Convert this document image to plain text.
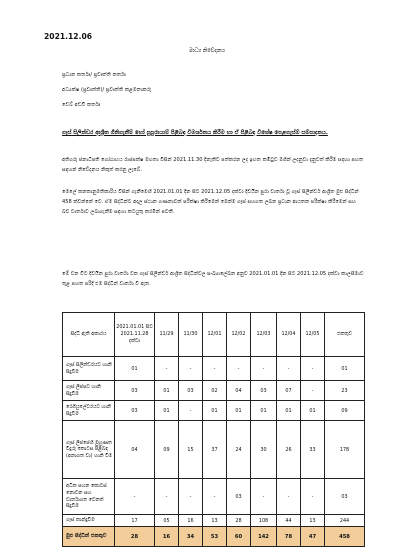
2021.12.06
මාධ්‍ය නිවේදනය
ප්‍රධාන කර්තෘ/ ප්‍රවෘත්ති කර්තෘ
අධ්‍යක්ෂ (ප්‍රවෘත්ති)/ ප්‍රවෘත්ති කළමනාකරු
වෙබ් අඩවි කර්තෘ
ගෑස් සිලින්ඩර ආශ්‍රිත ගිනිගැනීම් හෝ පුපුරායාම් පිළිබඳ විමර්ශනය කිරීම හා ඒ පිළිබඳ විශේෂ පෙළගැස්ම් සම්පාදනය.
අතිගරු ජනාධිපති ගෝඨාභය රාජපක්ෂ මහතා විසින් 2021.11.30 දිනැතිව පත්කරන ලද ඉහත කමිටුව මගින් ලදනුවා දැනුවත් කිරීම සඳහා පහත සඳහන් නිවේදනය නිකුත් කරනු ලැබේ.
මෙලේ කනකානුමතිකාරිය විසින් ගැනීමෙහි 2021.01.01 දින සිට 2021.12.05 දක්වා දිවයින පුරා වාර්තා වූ ගෑස් සිලින්ඩර් ආශ්‍රිත මුළු සිද්ධීන් 458 ක්වන්නේ වෙ. ඒම සිද්ධීන්ට අදාල ස්ථාන ගණනාවක් පරීක්ෂා කිරීමෙන් මෙන්ම ගෑස් සහගත ලබන ප්‍රධාන ආයතන පරීක්ෂා කිරීමෙන් සහ බව වාර්තාව ලබාගැනීම සඳහා කටයුතු කරමින් පවතී.
මේ වන විට දිවයින පුරා වාර්තා වන ගෑස් සිලින්ඩර් ආශ්‍රිත සිද්ධීන්වල සංඛ්‍යාලේඛන අනුව 2021.01.01 දින සිට 2021.12.05 දක්වා කාලසීමාව තුළ පහත පරිදි එම සිද්ධීන් වාර්තා වී ඇත.
සිද්ධි ඇති අකාරය	2021.01.01 සිට 2021.11.28 දක්වා	11/29	11/30	12/01	12/02	12/03	12/04	12/05	එකතුව
ගෑස් සිලින්ඩරයට හානි සිදුවීම	01	-	-	-	-	-	-	-	01
ගෑස් ලීප්පට හානි සිදුවීම	03	01	03	02	04	03	07	-	23
රෙගියුලේටරයට හානි සිදුවීම	03	01	-	01	01	01	01	01	09
ගෑස් ලීප්පේහි මුහුණත විදුරු කොටස පිළිබඳ (අනාගත වා) හානි වීම	04	09	15	37	24	30	26	33	178
අධික පහන කොටස් නොවන සහ වාර්තාගත වෙනත් සිදුවීම	-	-	-	-	03	-	-	-	03
ගෑස් කාන්දුවීම	17	05	16	13	28	108	44	13	244
මුළු සිද්ධීන් එකතුව	28	16	34	53	60	142	78	47	458
